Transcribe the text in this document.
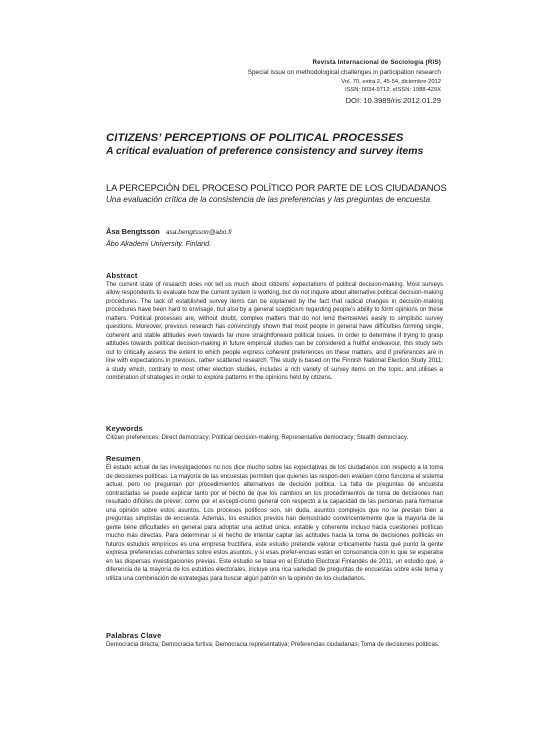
Revista Internacional de Sociología (RIS)
Special issue on methodological challenges in participation research
Vol. 70, extra 2, 45-54, diciembre 2012
ISSN: 0034-9712; eISSN: 1988-429X
DOI: 10.3989/ris.2012.01.29
CITIZENS’ PERCEPTIONS OF POLITICAL PROCESSES
A critical evaluation of preference consistency and survey items
LA PERCEPCIÓN DEL PROCESO POLÍTICO POR PARTE DE LOS CIUDADANOS
Una evaluación crítica de la consistencia de las preferencias y las preguntas de encuesta
Åsa Bengtsson asa.bengtsson@abo.fi
Åbo Akademi University. Finland.
Abstract
The current state of research does not tell us much about citizens’ expectations of political decision-making. Most surveys allow respondents to evaluate how the current system is working, but do not inquire about alternative political decision-making procedures. The lack of established survey items can be explained by the fact that radical changes in decision-making procedures have been hard to envisage, but also by a general scepticism regarding people’s ability to form opinions on these matters. Political processes are, without doubt, complex matters that do not lend themselves easily to simplistic survey questions. Moreover, previous research has convincingly shown that most people in general have difficulties forming single, coherent and stable attitudes even towards far more straightforward political issues. In order to determine if trying to grasp attitudes towards political decision-making in future empirical studies can be considered a fruitful endeavour, this study sets out to critically assess the extent to which people express coherent preferences on these matters, and if preferences are in line with expectations in previous, rather scattered research. The study is based on the Finnish National Election Study 2011; a study which, contrary to most other election studies, includes a rich variety of survey items on the topic, and utilises a combination of strategies in order to explore patterns in the opinions held by citizens.
Keywords
Citizen preferences; Direct democracy; Political decision-making; Representative democracy; Stealth democracy.
Resumen
El estado actual de las investigaciones no nos dice mucho sobre las expectativas de los ciudadanos con respecto a la toma de decisiones políticas. La mayoría de las encuestas permiten que quienes las respon-den evalúen cómo funciona el sistema actual, pero no preguntan por procedimientos alternativos de decisión política. La falta de preguntas de encuesta contrastadas se puede explicar tanto por el hecho de que los cambios en los procedimientos de toma de decisiones han resultado difíciles de prever, como por el escepti-cismo general con respecto a la capacidad de las personas para formarse una opinión sobre estos asuntos. Los procesos políticos son, sin duda, asuntos complejos que no se prestan bien a preguntas simplistas de encuesta. Además, los estudios previos han demostrado convincentemente que la mayoría de la gente tiene dificultades en general para adoptar una actitud única, estable y coherente incluso hacia cuestiones políticas mucho más directas. Para determinar si el hecho de intentar captar las actitudes hacia la toma de decisiones políticas en futuros estudios empíricos es una empresa fructífera, este estudio pretende valorar críticamente hasta qué punto la gente expresa preferencias coherentes sobre estos asuntos, y si esas prefer-encias están en consonancia con lo que se esperaba en las dispersas investigaciones previas. Este estudio se basa en el Estudio Electoral Finlandés de 2011, un estudio que, a diferencia de la mayoría de los estudios electorales, incluye una rica variedad de preguntas de encuestas sobre este tema y utiliza una combinación de estrategias para buscar algún patrón en la opinión de los ciudadanos.
Palabras Clave
Democracia directa; Democracia furtiva; Democracia representativa; Preferencias ciudadanas; Toma de decisiones políticas.
